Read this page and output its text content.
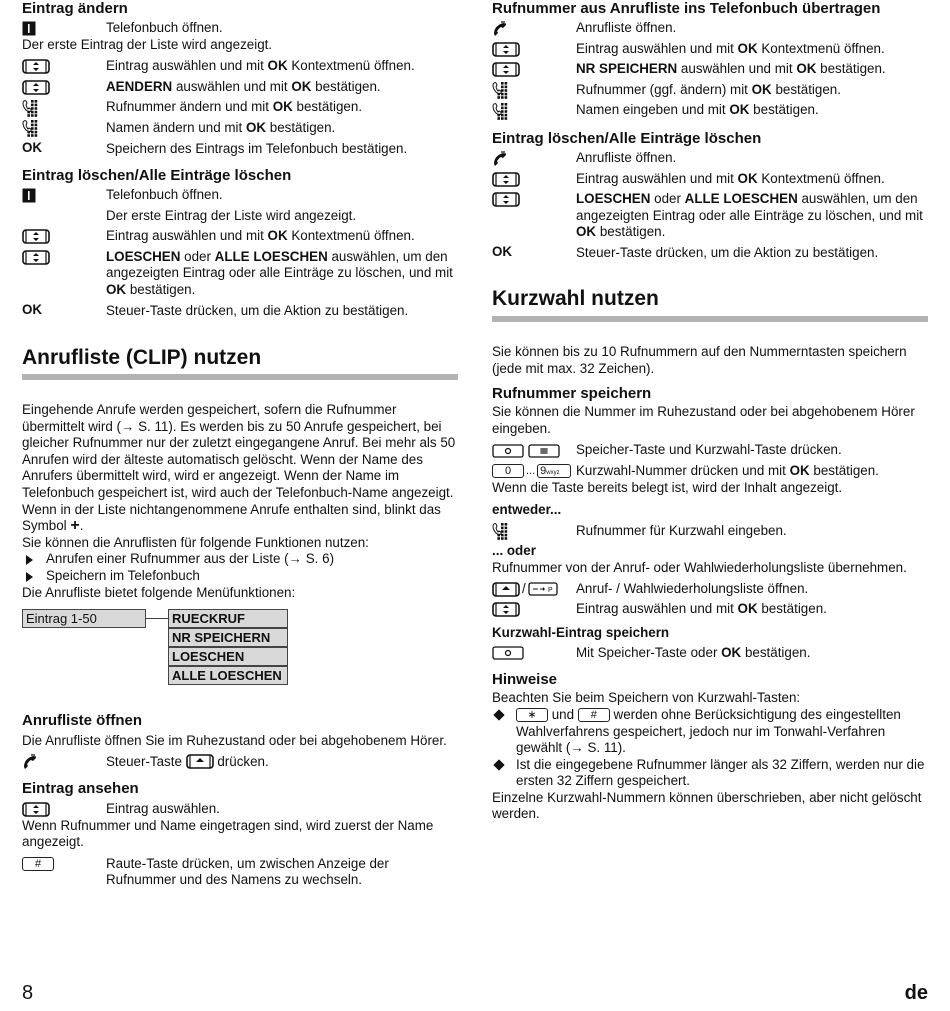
Eintrag ändern
Telefonbuch öffnen.
Der erste Eintrag der Liste wird angezeigt.
Eintrag auswählen und mit OK Kontextmenü öffnen.
AENDERN auswählen und mit OK bestätigen.
Rufnummer ändern und mit OK bestätigen.
Namen ändern und mit OK bestätigen.
OK	Speichern des Eintrags im Telefonbuch bestätigen.
Eintrag löschen/Alle Einträge löschen
Telefonbuch öffnen.
Der erste Eintrag der Liste wird angezeigt.
Eintrag auswählen und mit OK Kontextmenü öffnen.
LOESCHEN oder ALLE LOESCHEN auswählen, um den angezeigten Eintrag oder alle Einträge zu löschen, und mit OK bestätigen.
OK	Steuer-Taste drücken, um die Aktion zu bestätigen.
Anrufliste (CLIP) nutzen
Eingehende Anrufe werden gespeichert, sofern die Rufnummer übermittelt wird (→ S. 11). Es werden bis zu 50 Anrufe gespeichert, bei gleicher Rufnummer nur der zuletzt eingegangene Anruf. Bei mehr als 50 Anrufen wird der älteste automatisch gelöscht. Wenn der Name des Anrufers übermittelt wird, wird er angezeigt. Wenn der Name im Telefonbuch gespeichert ist, wird auch der Telefonbuch-Name angezeigt. Wenn in der Liste nichtangenommene Anrufe enthalten sind, blinkt das Symbol +.
Sie können die Anruflisten für folgende Funktionen nutzen:
Anrufen einer Rufnummer aus der Liste (→ S. 6)
Speichern im Telefonbuch
Die Anrufliste bietet folgende Menüfunktionen:
Eintrag 1-50	RUECKRUF
NR SPEICHERN
LOESCHEN
ALLE LOESCHEN
Anrufliste öffnen
Die Anrufliste öffnen Sie im Ruhezustand oder bei abgehobenem Hörer.
Steuer-Taste  drücken.
Eintrag ansehen
Eintrag auswählen.
Wenn Rufnummer und Name eingetragen sind, wird zuerst der Name angezeigt.
#	Raute-Taste drücken, um zwischen Anzeige der Rufnummer und des Namens zu wechseln.
8
Rufnummer aus Anrufliste ins Telefonbuch übertragen
Anrufliste öffnen.
Eintrag auswählen und mit OK Kontextmenü öffnen.
NR SPEICHERN auswählen und mit OK bestätigen.
Rufnummer (ggf. ändern) mit OK bestätigen.
Namen eingeben und mit OK bestätigen.
Eintrag löschen/Alle Einträge löschen
Anrufliste öffnen.
Eintrag auswählen und mit OK Kontextmenü öffnen.
LOESCHEN oder ALLE LOESCHEN auswählen, um den angezeigten Eintrag oder alle Einträge zu löschen, und mit OK bestätigen.
OK	Steuer-Taste drücken, um die Aktion zu bestätigen.
Kurzwahl nutzen
Sie können bis zu 10 Rufnummern auf den Nummerntasten speichern (jede mit max. 32 Zeichen).
Rufnummer speichern
Sie können die Nummer im Ruhezustand oder bei abgehobenem Hörer eingeben.
Speicher-Taste und Kurzwahl-Taste drücken.
0	... 9wxyz	Kurzwahl-Nummer drücken und mit OK bestätigen.
Wenn die Taste bereits belegt ist, wird der Inhalt angezeigt.
entweder...
Rufnummer für Kurzwahl eingeben.
... oder
Rufnummer von der Anruf- oder Wahlwiederholungsliste übernehmen.
/	Anruf- / Wahlwiederholungsliste öffnen.
Eintrag auswählen und mit OK bestätigen.
Kurzwahl-Eintrag speichern
Mit Speicher-Taste oder OK bestätigen.
Hinweise
Beachten Sie beim Speichern von Kurzwahl-Tasten:
∗ und # werden ohne Berücksichtigung des eingestellten Wahlverfahrens gespeichert, jedoch nur im Tonwahl-Verfahren gewählt (→ S. 11).
Ist die eingegebene Rufnummer länger als 32 Ziffern, werden nur die ersten 32 Ziffern gespeichert.
Einzelne Kurzwahl-Nummern können überschrieben, aber nicht gelöscht werden.
de
